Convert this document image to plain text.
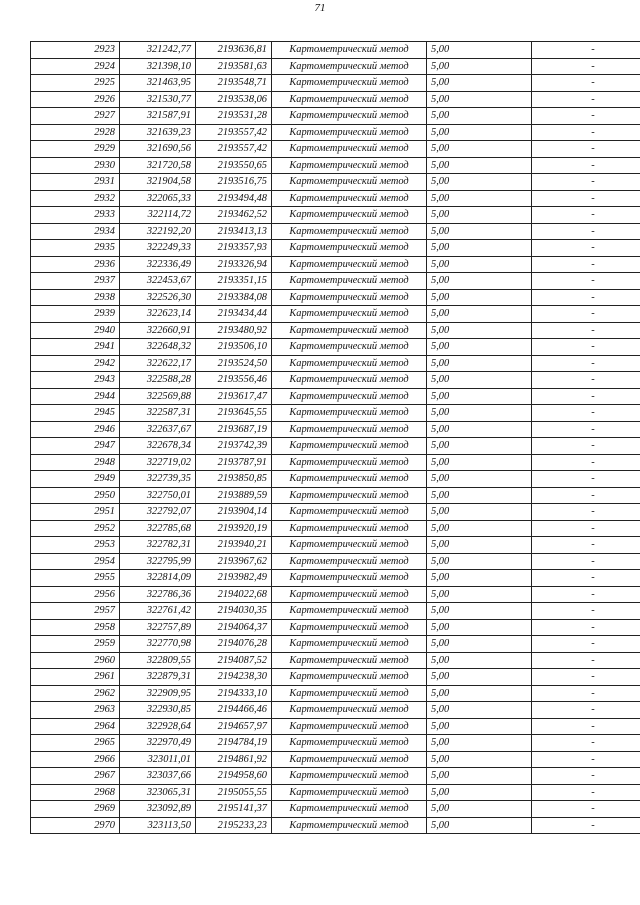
71
2923	321242,77	2193636,81	Картометрический метод	5,00	-
2924	321398,10	2193581,63	Картометрический метод	5,00	-
2925	321463,95	2193548,71	Картометрический метод	5,00	-
2926	321530,77	2193538,06	Картометрический метод	5,00	-
2927	321587,91	2193531,28	Картометрический метод	5,00	-
2928	321639,23	2193557,42	Картометрический метод	5,00	-
2929	321690,56	2193557,42	Картометрический метод	5,00	-
2930	321720,58	2193550,65	Картометрический метод	5,00	-
2931	321904,58	2193516,75	Картометрический метод	5,00	-
2932	322065,33	2193494,48	Картометрический метод	5,00	-
2933	322114,72	2193462,52	Картометрический метод	5,00	-
2934	322192,20	2193413,13	Картометрический метод	5,00	-
2935	322249,33	2193357,93	Картометрический метод	5,00	-
2936	322336,49	2193326,94	Картометрический метод	5,00	-
2937	322453,67	2193351,15	Картометрический метод	5,00	-
2938	322526,30	2193384,08	Картометрический метод	5,00	-
2939	322623,14	2193434,44	Картометрический метод	5,00	-
2940	322660,91	2193480,92	Картометрический метод	5,00	-
2941	322648,32	2193506,10	Картометрический метод	5,00	-
2942	322622,17	2193524,50	Картометрический метод	5,00	-
2943	322588,28	2193556,46	Картометрический метод	5,00	-
2944	322569,88	2193617,47	Картометрический метод	5,00	-
2945	322587,31	2193645,55	Картометрический метод	5,00	-
2946	322637,67	2193687,19	Картометрический метод	5,00	-
2947	322678,34	2193742,39	Картометрический метод	5,00	-
2948	322719,02	2193787,91	Картометрический метод	5,00	-
2949	322739,35	2193850,85	Картометрический метод	5,00	-
2950	322750,01	2193889,59	Картометрический метод	5,00	-
2951	322792,07	2193904,14	Картометрический метод	5,00	-
2952	322785,68	2193920,19	Картометрический метод	5,00	-
2953	322782,31	2193940,21	Картометрический метод	5,00	-
2954	322795,99	2193967,62	Картометрический метод	5,00	-
2955	322814,09	2193982,49	Картометрический метод	5,00	-
2956	322786,36	2194022,68	Картометрический метод	5,00	-
2957	322761,42	2194030,35	Картометрический метод	5,00	-
2958	322757,89	2194064,37	Картометрический метод	5,00	-
2959	322770,98	2194076,28	Картометрический метод	5,00	-
2960	322809,55	2194087,52	Картометрический метод	5,00	-
2961	322879,31	2194238,30	Картометрический метод	5,00	-
2962	322909,95	2194333,10	Картометрический метод	5,00	-
2963	322930,85	2194466,46	Картометрический метод	5,00	-
2964	322928,64	2194657,97	Картометрический метод	5,00	-
2965	322970,49	2194784,19	Картометрический метод	5,00	-
2966	323011,01	2194861,92	Картометрический метод	5,00	-
2967	323037,66	2194958,60	Картометрический метод	5,00	-
2968	323065,31	2195055,55	Картометрический метод	5,00	-
2969	323092,89	2195141,37	Картометрический метод	5,00	-
2970	323113,50	2195233,23	Картометрический метод	5,00	-
